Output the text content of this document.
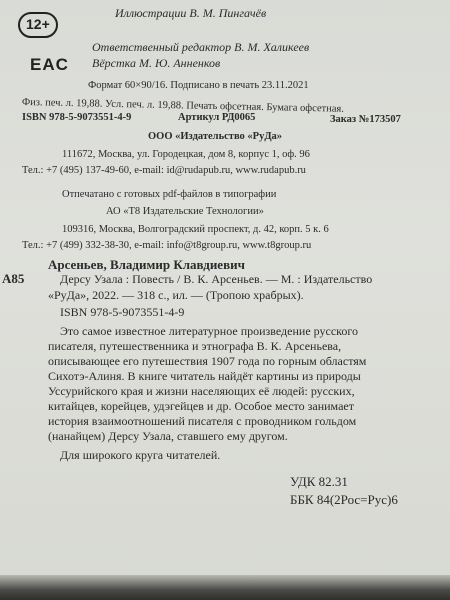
12+
EAC
Иллюстрации В. М. Пингачёв
Ответственный редактор В. М. Халикеев
Вёрстка М. Ю. Анненков
Формат 60×90/16. Подписано в печать 23.11.2021
Физ. печ. л. 19,88. Усл. печ. л. 19,88. Печать офсетная. Бумага офсетная.
ISBN 978-5-9073551-4-9	Артикул РД0065	Заказ №173507
ООО «Издательство «РуДа»
111672, Москва, ул. Городецкая, дом 8, корпус 1, оф. 96
Тел.: +7 (495) 137-49-60, e-mail: id@rudapub.ru, www.rudapub.ru
Отпечатано с готовых pdf-файлов в типографии
АО «Т8 Издательские Технологии»
109316, Москва, Волгоградский проспект, д. 42, корп. 5 к. 6
Тел.: +7 (499) 332-38-30, e-mail: info@t8group.ru, www.t8group.ru
А85
Арсеньев, Владимир Клавдиевич
Дерсу Узала : Повесть / В. К. Арсеньев. — М. : Издательство
«РуДа», 2022. — 318 с., ил. — (Тропою храбрых).
ISBN 978-5-9073551-4-9
Это самое известное литературное произведение русского
писателя, путешественника и этнографа В. К. Арсеньева,
описывающее его путешествия 1907 года по горным областям
Сихотэ-Алиня. В книге читатель найдёт картины из природы
Уссурийского края и жизни населяющих её людей: русских,
китайцев, корейцев, удэгейцев и др. Особое место занимает
история взаимоотношений писателя с проводником гольдом
(нанайцем) Дерсу Узала, ставшего ему другом.
Для широкого круга читателей.
УДК 82.31
ББК 84(2Рос=Рус)6
